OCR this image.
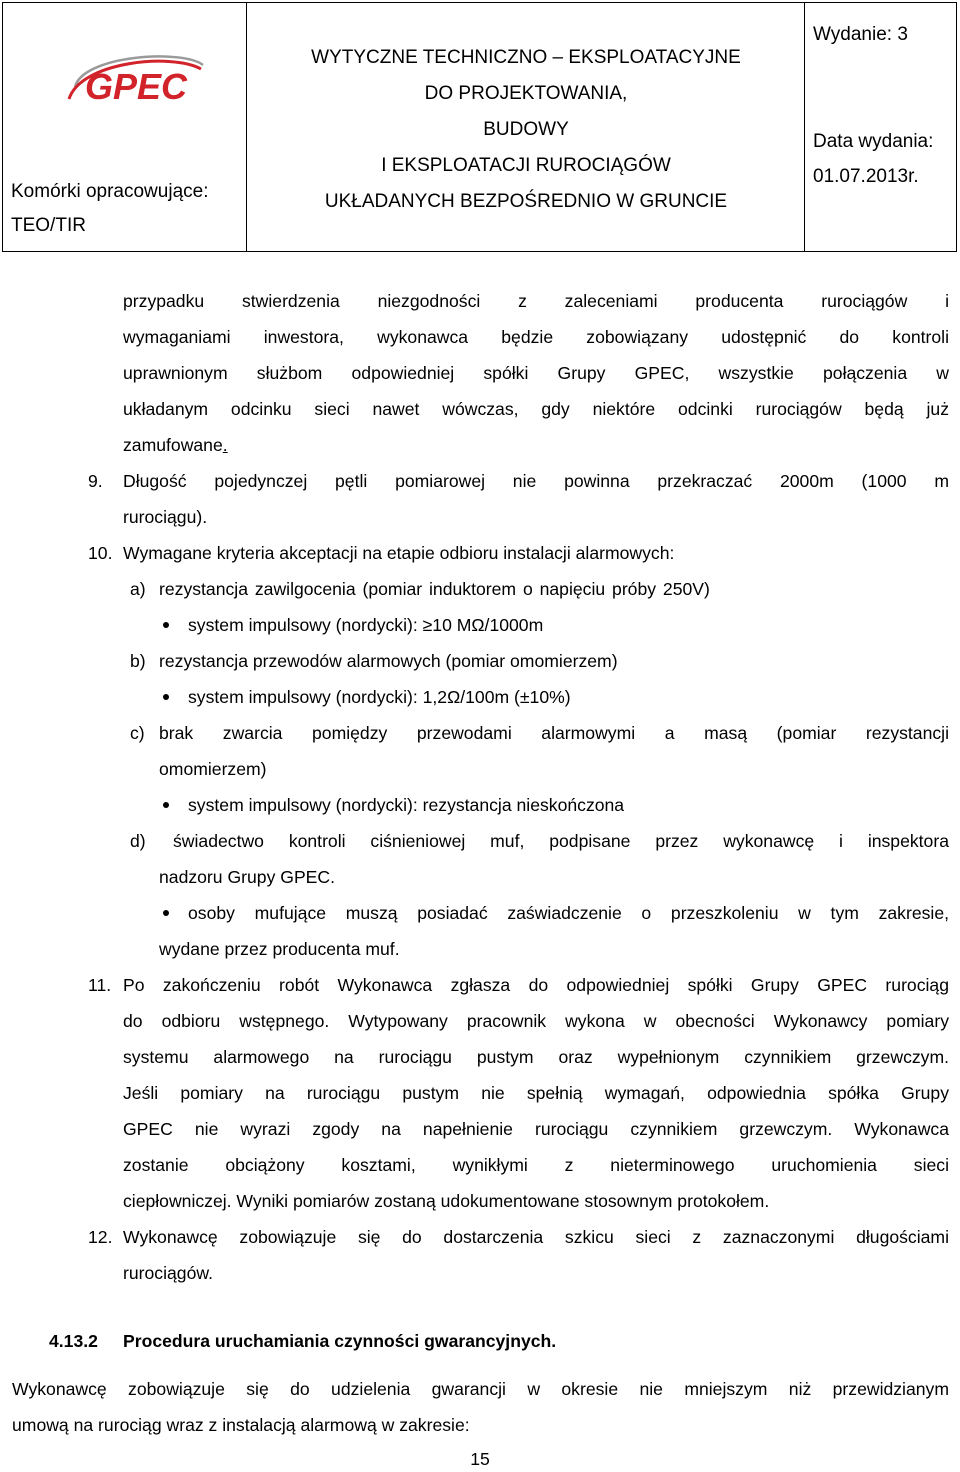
GPEC
Komórki opracowujące:
TEO/TIR
WYTYCZNE TECHNICZNO – EKSPLOATACYJNE
DO PROJEKTOWANIA,
BUDOWY
I EKSPLOATACJI RUROCIĄGÓW
UKŁADANYCH BEZPOŚREDNIO W GRUNCIE
Wydanie: 3
Data wydania:
01.07.2013r.
przypadku stwierdzenia niezgodności z zaleceniami producenta rurociągów i
wymaganiami inwestora, wykonawca będzie zobowiązany udostępnić do kontroli
uprawnionym służbom odpowiedniej spółki Grupy GPEC, wszystkie połączenia w
układanym odcinku sieci nawet wówczas, gdy niektóre odcinki rurociągów będą już
zamufowane.
9. Długość pojedynczej pętli pomiarowej nie powinna przekraczać 2000m (1000 m
rurociągu).
10. Wymagane kryteria akceptacji na etapie odbioru instalacji alarmowych:
a) rezystancja zawilgocenia (pomiar induktorem o napięciu próby 250V)
system impulsowy (nordycki): ≥10 MΩ/1000m
b) rezystancja przewodów alarmowych (pomiar omomierzem)
system impulsowy (nordycki): 1,2Ω/100m (±10%)
c) brak zwarcia pomiędzy przewodami alarmowymi a masą (pomiar rezystancji
omomierzem)
system impulsowy (nordycki): rezystancja nieskończona
d) świadectwo kontroli ciśnieniowej muf, podpisane przez wykonawcę i inspektora
nadzoru Grupy GPEC.
osoby mufujące muszą posiadać zaświadczenie o przeszkoleniu w tym zakresie,
wydane przez producenta muf.
11. Po zakończeniu robót Wykonawca zgłasza do odpowiedniej spółki Grupy GPEC rurociąg
do odbioru wstępnego. Wytypowany pracownik wykona w obecności Wykonawcy pomiary
systemu alarmowego na rurociągu pustym oraz wypełnionym czynnikiem grzewczym.
Jeśli pomiary na rurociągu pustym nie spełnią wymagań, odpowiednia spółka Grupy
GPEC nie wyrazi zgody na napełnienie rurociągu czynnikiem grzewczym. Wykonawca
zostanie obciążony kosztami, wynikłymi z nieterminowego uruchomienia sieci
ciepłowniczej. Wyniki pomiarów zostaną udokumentowane stosownym protokołem.
12. Wykonawcę zobowiązuje się do dostarczenia szkicu sieci z zaznaczonymi długościami
rurociągów.
4.13.2 Procedura uruchamiania czynności gwarancyjnych.
Wykonawcę zobowiązuje się do udzielenia gwarancji w okresie nie mniejszym niż przewidzianym
umową na rurociąg wraz z instalacją alarmową w zakresie:
15
